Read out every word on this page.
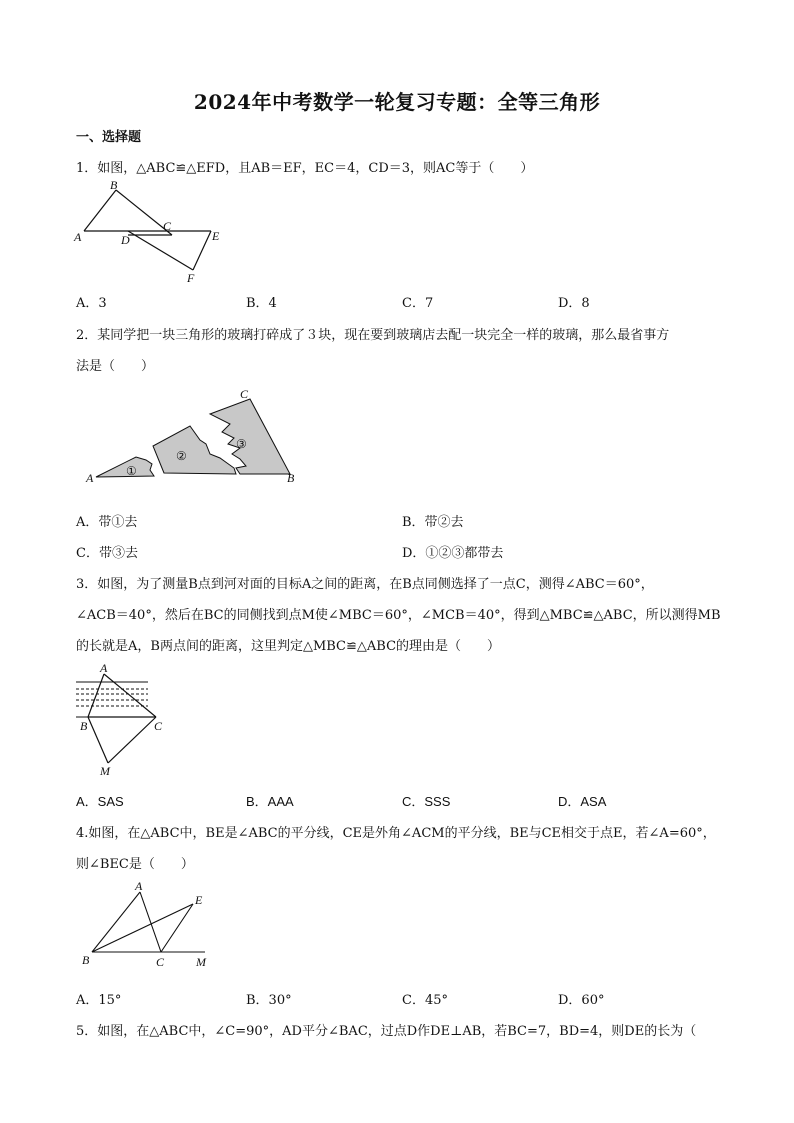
2024年中考数学一轮复习专题：全等三角形
一、选择题
1．如图，△ABC≌△EFD，且AB＝EF，EC＝4，CD＝3，则AC等于（　　）
A
B
C
D	E
F
A．3	B．4	C．7	D．8
2．某同学把一块三角形的玻璃打碎成了３块，现在要到玻璃店去配一块完全一样的玻璃，那么最省事方
法是（　　）
A	B
C
①
②
③
A．带①去	B．带②去
C．带③去	D．①②③都带去
3．如图，为了测量B点到河对面的目标A之间的距离，在B点同侧选择了一点C，测得∠ABC＝60°，
∠ACB＝40°，然后在BC的同侧找到点M使∠MBC＝60°，∠MCB＝40°，得到△MBC≌△ABC，所以测得MB
的长就是A，B两点间的距离，这里判定△MBC≌△ABC的理由是（　　）
A
B	C
M
A．SAS	B．AAA	C．SSS	D．ASA
4.如图，在△ABC中，BE是∠ABC的平分线，CE是外角∠ACM的平分线，BE与CE相交于点E，若∠A=60°，
则∠BEC是（　　）
A
B	C
E
M
A．15°	B．30°	C．45°	D．60°
5．如图，在△ABC中，∠C=90°，AD平分∠BAC，过点D作DE⊥AB，若BC=7，BD=4，则DE的长为（
